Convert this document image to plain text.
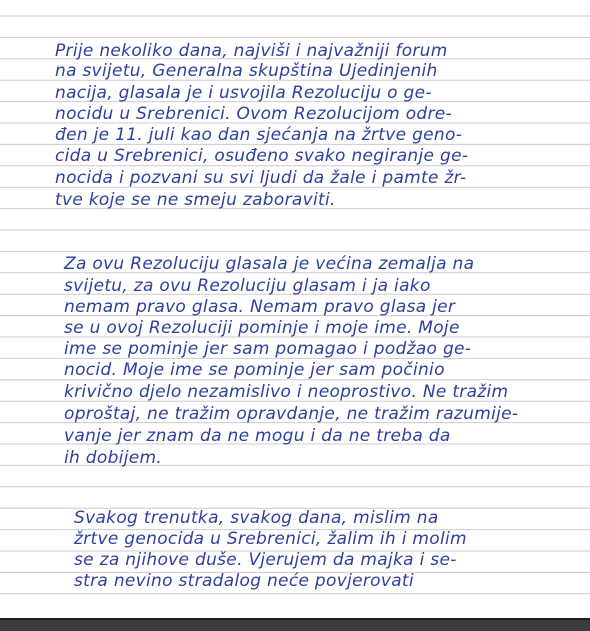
Prije nekoliko dana, najviši i najvažniji forum
na svijetu, Generalna skupština Ujedinjenih
nacija, glasala je i usvojila Rezoluciju o ge-
nocidu u Srebrenici. Ovom Rezolucijom odre-
đen je 11. juli kao dan sjećanja na žrtve geno-
cida u Srebrenici, osuđeno svako negiranje ge-
nocida i pozvani su svi ljudi da žale i pamte žr-
tve koje se ne smeju zaboraviti.
Za ovu Rezoluciju glasala je većina zemalja na
svijetu, za ovu Rezoluciju glasam i ja iako
nemam pravo glasa. Nemam pravo glasa jer
se u ovoj Rezoluciji pominje i moje ime. Moje
ime se pominje jer sam pomagao i podžao ge-
nocid. Moje ime se pominje jer sam počinio
krivično djelo nezamislivo i neoprostivo. Ne tražim
oproštaj, ne tražim opravdanje, ne tražim razumije-
vanje jer znam da ne mogu i da ne treba da
ih dobijem.
Svakog trenutka, svakog dana, mislim na
žrtve genocida u Srebrenici, žalim ih i molim
se za njihove duše. Vjerujem da majka i se-
stra nevino stradalog neće povjerovati
